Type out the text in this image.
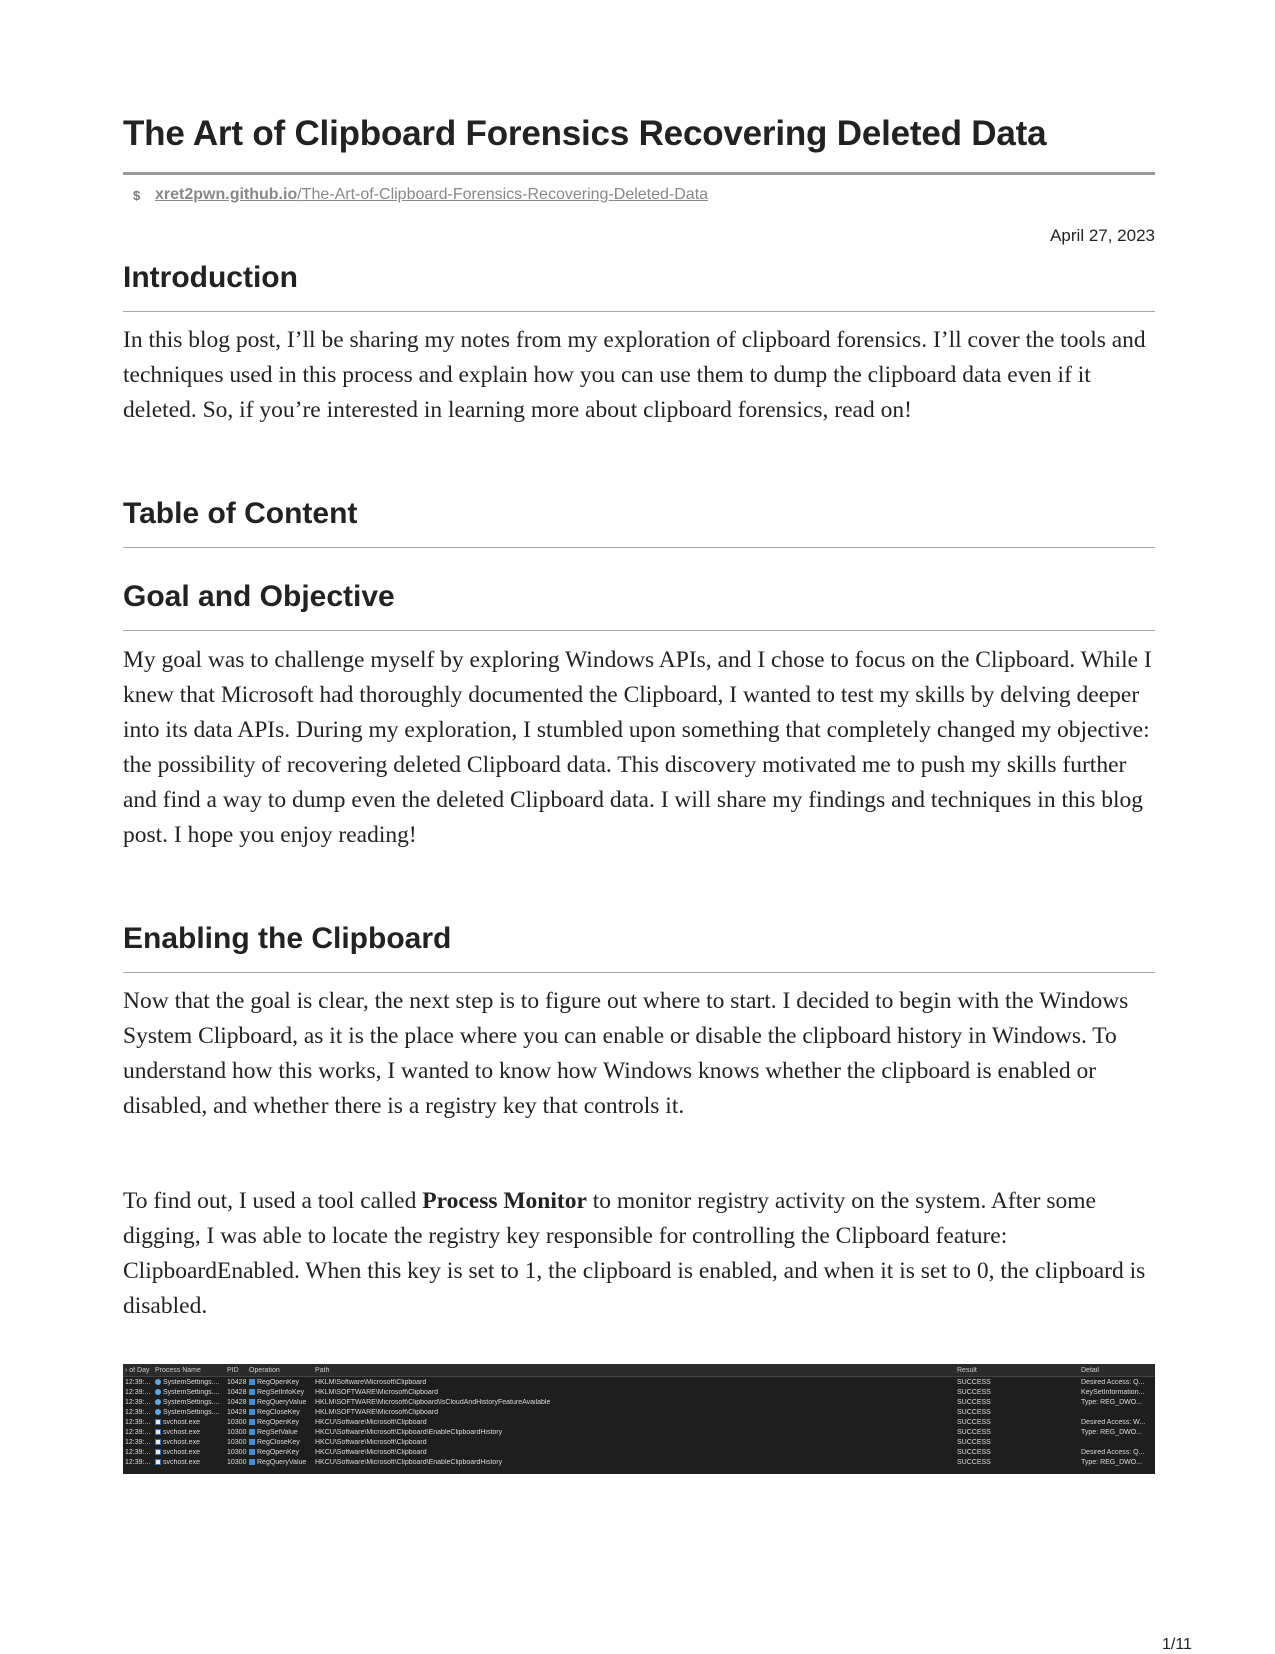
The Art of Clipboard Forensics Recovering Deleted Data
$ xret2pwn.github.io/The-Art-of-Clipboard-Forensics-Recovering-Deleted-Data
April 27, 2023
Introduction

In this blog post, I’ll be sharing my notes from my exploration of clipboard forensics. I’ll cover the tools and techniques used in this process and explain how you can use them to dump the clipboard data even if it deleted. So, if you’re interested in learning more about clipboard forensics, read on!

Table of Content
Goal and Objective

My goal was to challenge myself by exploring Windows APIs, and I chose to focus on the Clipboard. While I knew that Microsoft had thoroughly documented the Clipboard, I wanted to test my skills by delving deeper into its data APIs. During my exploration, I stumbled upon something that completely changed my objective: the possibility of recovering deleted Clipboard data. This discovery motivated me to push my skills further and find a way to dump even the deleted Clipboard data. I will share my findings and techniques in this blog post. I hope you enjoy reading!

Enabling the Clipboard

Now that the goal is clear, the next step is to figure out where to start. I decided to begin with the Windows System Clipboard, as it is the place where you can enable or disable the clipboard history in Windows. To understand how this works, I wanted to know how Windows knows whether the clipboard is enabled or disabled, and whether there is a registry key that controls it.

To find out, I used a tool called Process Monitor to monitor registry activity on the system. After some digging, I was able to locate the registry key responsible for controlling the Clipboard feature: ClipboardEnabled. When this key is set to 1, the clipboard is enabled, and when it is set to 0, the clipboard is disabled.

› of Day Process Name	PID	Operation	Path	Result	Detail
12:39:...	SystemSettings.... 10428	RegOpenKey HKLM\Software\Microsoft\Clipboard	SUCCESS	Desired Access: Q...
12:39:...	SystemSettings.... 10428	RegSetInfoKey HKLM\SOFTWARE\Microsoft\Clipboard	SUCCESS	KeySetInformation...
12:39:...	SystemSettings.... 10428	RegQueryValue HKLM\SOFTWARE\Microsoft\Clipboard\IsCloudAndHistoryFeatureAvailable	SUCCESS	Type: REG_DWO...
12:39:...	SystemSettings.... 10428	RegCloseKey HKLM\SOFTWARE\Microsoft\Clipboard	SUCCESS
12:39:...	svchost.exe	10300	RegOpenKey HKCU\Software\Microsoft\Clipboard	SUCCESS	Desired Access: W...
12:39:...	svchost.exe	10300	RegSetValue HKCU\Software\Microsoft\Clipboard\EnableClipboardHistory	SUCCESS	Type: REG_DWO...
12:39:...	svchost.exe	10300	RegCloseKey HKCU\Software\Microsoft\Clipboard	SUCCESS
12:39:...	svchost.exe	10300	RegOpenKey HKCU\Software\Microsoft\Clipboard	SUCCESS	Desired Access: Q...
12:39:...	svchost.exe	10300	RegQueryValue HKCU\Software\Microsoft\Clipboard\EnableClipboardHistory	SUCCESS	Type: REG_DWO...
1/11
